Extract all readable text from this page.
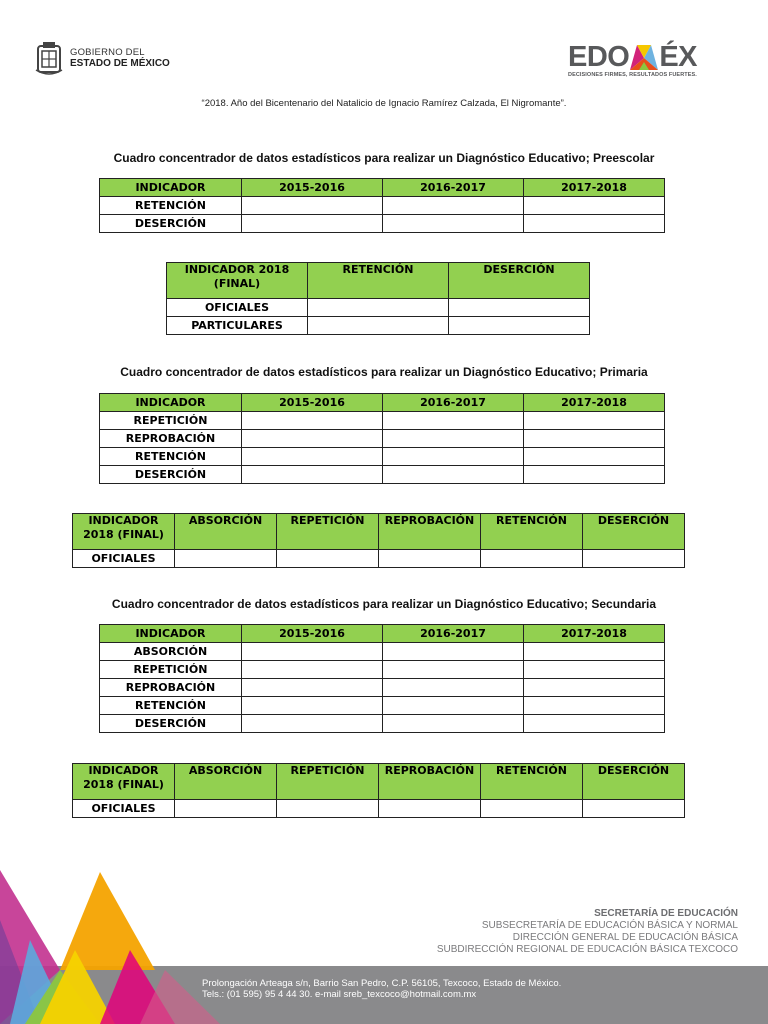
GOBIERNO DEL
ESTADO DE MÉXICO	EDO ÉX
DECISIONES FIRMES, RESULTADOS FUERTES.
“2018. Año del Bicentenario del Natalicio de Ignacio Ramírez Calzada, El Nigromante”.
Cuadro concentrador de datos estadísticos para realizar un Diagnóstico Educativo; Preescolar
INDICADOR	2015-2016	2016-2017	2017-2018
RETENCIÓN			
DESERCIÓN			
INDICADOR 2018 (FINAL)	RETENCIÓN	DESERCIÓN
OFICIALES		
PARTICULARES		
Cuadro concentrador de datos estadísticos para realizar un Diagnóstico Educativo; Primaria
INDICADOR	2015-2016	2016-2017	2017-2018
REPETICIÓN			
REPROBACIÓN			
RETENCIÓN			
DESERCIÓN			
INDICADOR 2018 (FINAL)	ABSORCIÓN	REPETICIÓN	REPROBACIÓN	RETENCIÓN	DESERCIÓN
OFICIALES					
Cuadro concentrador de datos estadísticos para realizar un Diagnóstico Educativo; Secundaria
INDICADOR	2015-2016	2016-2017	2017-2018
ABSORCIÓN			
REPETICIÓN			
REPROBACIÓN			
RETENCIÓN			
DESERCIÓN			
INDICADOR 2018 (FINAL)	ABSORCIÓN	REPETICIÓN	REPROBACIÓN	RETENCIÓN	DESERCIÓN
OFICIALES					
SECRETARÍA DE EDUCACIÓN
SUBSECRETARÍA DE EDUCACIÓN BÁSICA Y NORMAL
DIRECCIÓN GENERAL DE EDUCACIÓN BÁSICA
SUBDIRECCIÓN REGIONAL DE EDUCACIÓN BÁSICA TEXCOCO
Prolongación Arteaga s/n, Barrio San Pedro, C.P. 56105, Texcoco, Estado de México.
Tels.: (01 595) 95 4 44 30. e-mail sreb_texcoco@hotmail.com.mx
